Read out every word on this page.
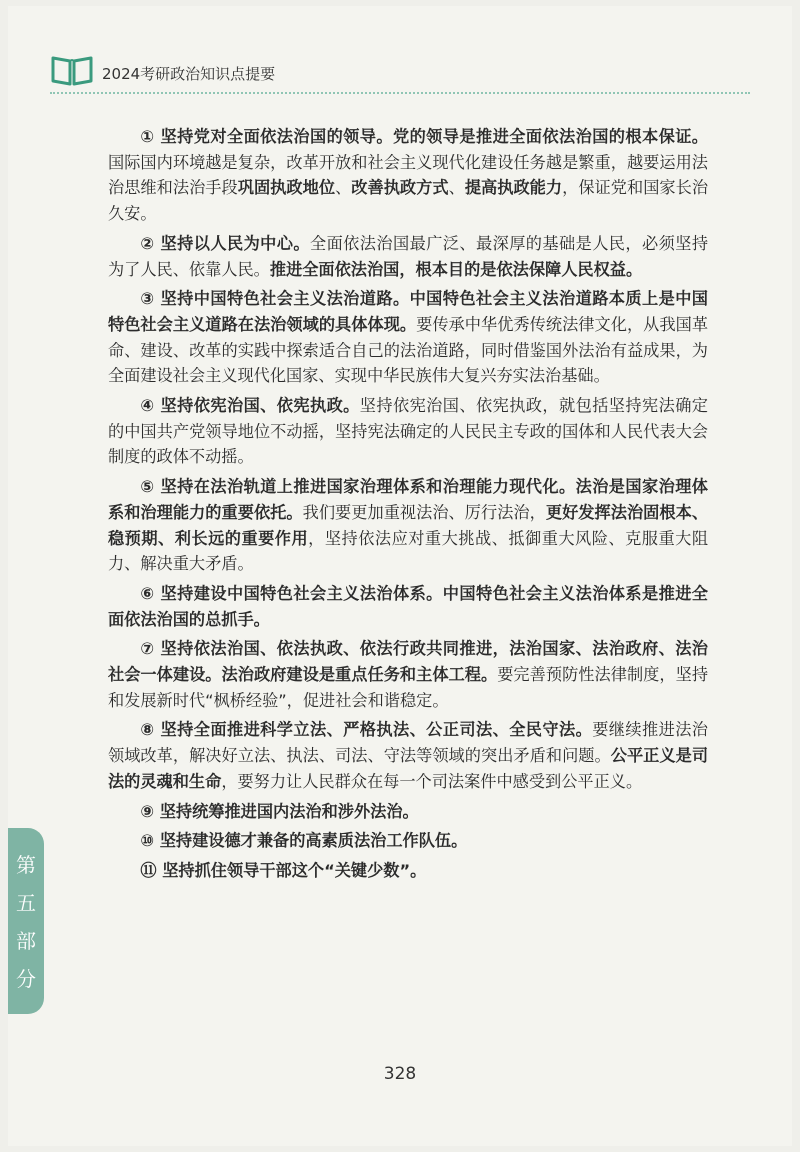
2024考研政治知识点提要

① 坚持党对全面依法治国的领导。党的领导是推进全面依法治国的根本保证。国际国内环境越是复杂，改革开放和社会主义现代化建设任务越是繁重，越要运用法治思维和法治手段巩固执政地位、改善执政方式、提高执政能力，保证党和国家长治久安。

② 坚持以人民为中心。全面依法治国最广泛、最深厚的基础是人民，必须坚持为了人民、依靠人民。推进全面依法治国，根本目的是依法保障人民权益。

③ 坚持中国特色社会主义法治道路。中国特色社会主义法治道路本质上是中国特色社会主义道路在法治领域的具体体现。要传承中华优秀传统法律文化，从我国革命、建设、改革的实践中探索适合自己的法治道路，同时借鉴国外法治有益成果，为全面建设社会主义现代化国家、实现中华民族伟大复兴夯实法治基础。

④ 坚持依宪治国、依宪执政。坚持依宪治国、依宪执政，就包括坚持宪法确定的中国共产党领导地位不动摇，坚持宪法确定的人民民主专政的国体和人民代表大会制度的政体不动摇。

⑤ 坚持在法治轨道上推进国家治理体系和治理能力现代化。法治是国家治理体系和治理能力的重要依托。我们要更加重视法治、厉行法治，更好发挥法治固根本、稳预期、利长远的重要作用，坚持依法应对重大挑战、抵御重大风险、克服重大阻力、解决重大矛盾。

⑥ 坚持建设中国特色社会主义法治体系。中国特色社会主义法治体系是推进全面依法治国的总抓手。

⑦ 坚持依法治国、依法执政、依法行政共同推进，法治国家、法治政府、法治社会一体建设。法治政府建设是重点任务和主体工程。要完善预防性法律制度，坚持和发展新时代“枫桥经验”，促进社会和谐稳定。

⑧ 坚持全面推进科学立法、严格执法、公正司法、全民守法。要继续推进法治领域改革，解决好立法、执法、司法、守法等领域的突出矛盾和问题。公平正义是司法的灵魂和生命，要努力让人民群众在每一个司法案件中感受到公平正义。

⑨ 坚持统筹推进国内法治和涉外法治。

⑩ 坚持建设德才兼备的高素质法治工作队伍。

⑪ 坚持抓住领导干部这个“关键少数”。

第
五
部
分
328
